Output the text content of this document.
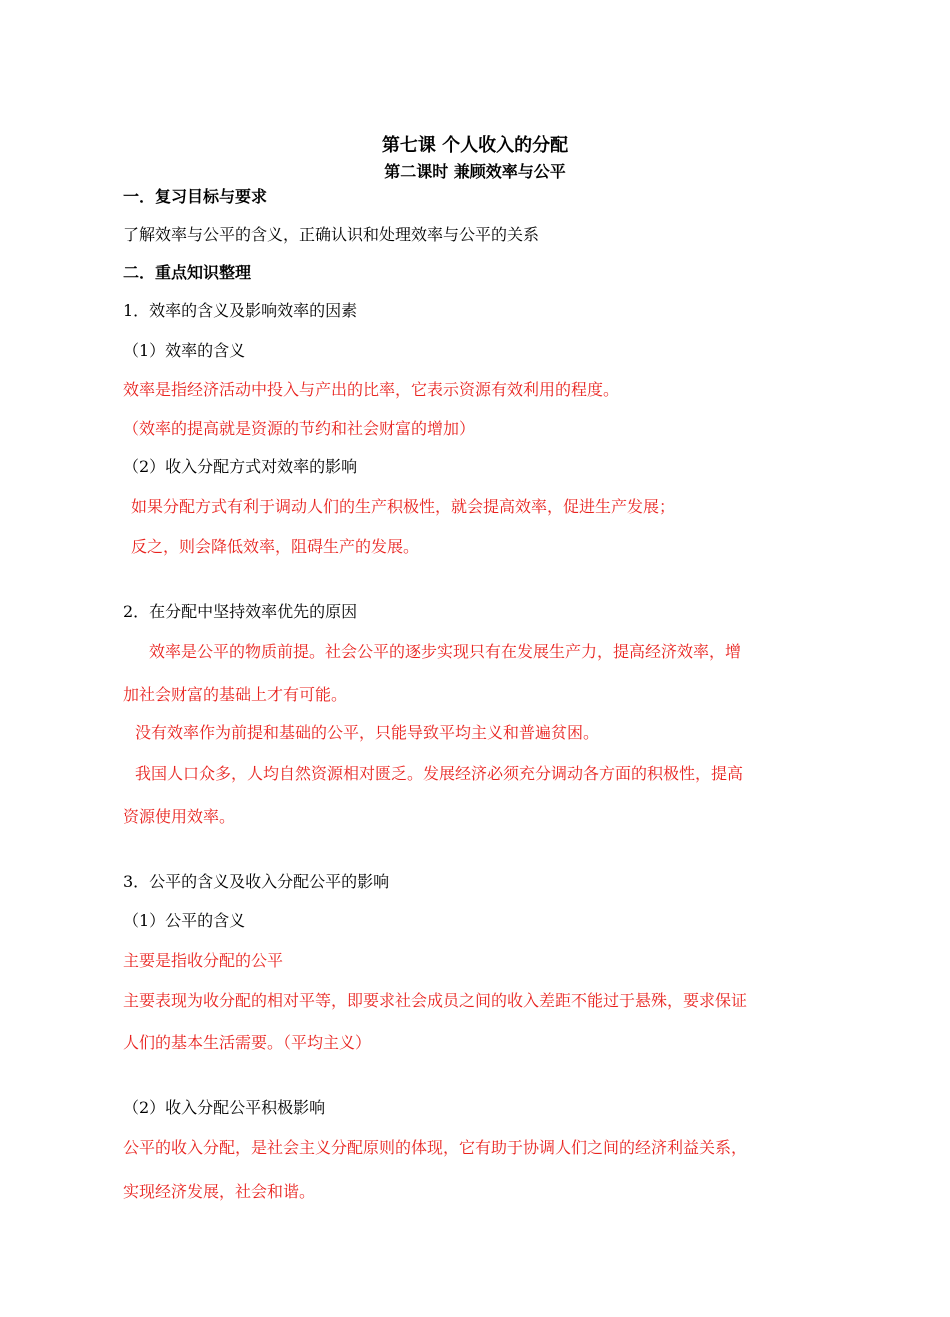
第七课 个人收入的分配
第二课时 兼顾效率与公平
一．复习目标与要求
了解效率与公平的含义，正确认识和处理效率与公平的关系
二．重点知识整理
1．效率的含义及影响效率的因素
（1）效率的含义
效率是指经济活动中投入与产出的比率，它表示资源有效利用的程度。
（效率的提高就是资源的节约和社会财富的增加）
（2）收入分配方式对效率的影响
如果分配方式有利于调动人们的生产积极性，就会提高效率，促进生产发展；
反之，则会降低效率，阻碍生产的发展。
2．在分配中坚持效率优先的原因
效率是公平的物质前提。社会公平的逐步实现只有在发展生产力，提高经济效率，增
加社会财富的基础上才有可能。
没有效率作为前提和基础的公平，只能导致平均主义和普遍贫困。
我国人口众多，人均自然资源相对匮乏。发展经济必须充分调动各方面的积极性，提高
资源使用效率。
3．公平的含义及收入分配公平的影响
（1）公平的含义
主要是指收分配的公平
主要表现为收分配的相对平等，即要求社会成员之间的收入差距不能过于悬殊，要求保证
人们的基本生活需要。（平均主义）
（2）收入分配公平积极影响
公平的收入分配，是社会主义分配原则的体现，它有助于协调人们之间的经济利益关系，
实现经济发展，社会和谐。
